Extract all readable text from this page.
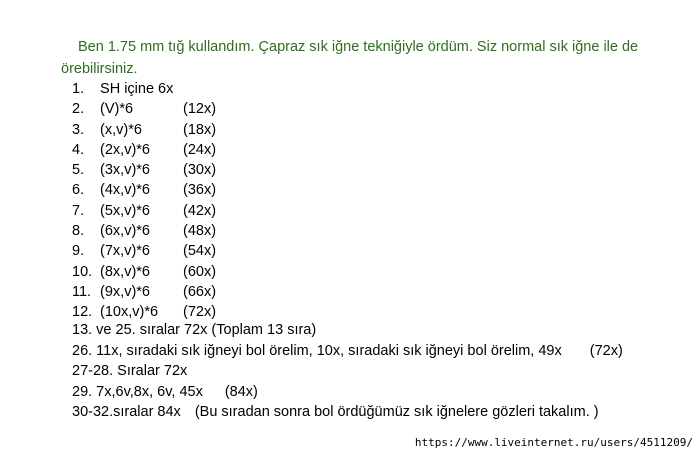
Ben 1.75 mm tığ kullandım. Çapraz sık iğne tekniğiyle ördüm. Siz normal sık iğne ile de
örebilirsiniz.
1. SH içine 6x
2. (V)*6	(12x)
3. (x,v)*6	(18x)
4. (2x,v)*6 (24x)
5. (3x,v)*6 (30x)
6. (4x,v)*6 (36x)
7. (5x,v)*6 (42x)
8. (6x,v)*6 (48x)
9. (7x,v)*6 (54x)
10. (8x,v)*6 (60x)
11. (9x,v)*6 (66x)
12. (10x,v)*6 (72x)
13. ve 25. sıralar 72x (Toplam 13 sıra)
26. 11x, sıradaki sık iğneyi bol örelim, 10x, sıradaki sık iğneyi bol örelim, 49x (72x)
27-28. Sıralar 72x
29. 7x,6v,8x, 6v, 45x (84x)
30-32.sıralar 84x (Bu sıradan sonra bol ördüğümüz sık iğnelere gözleri takalım. )
https://www.liveinternet.ru/users/4511209/
